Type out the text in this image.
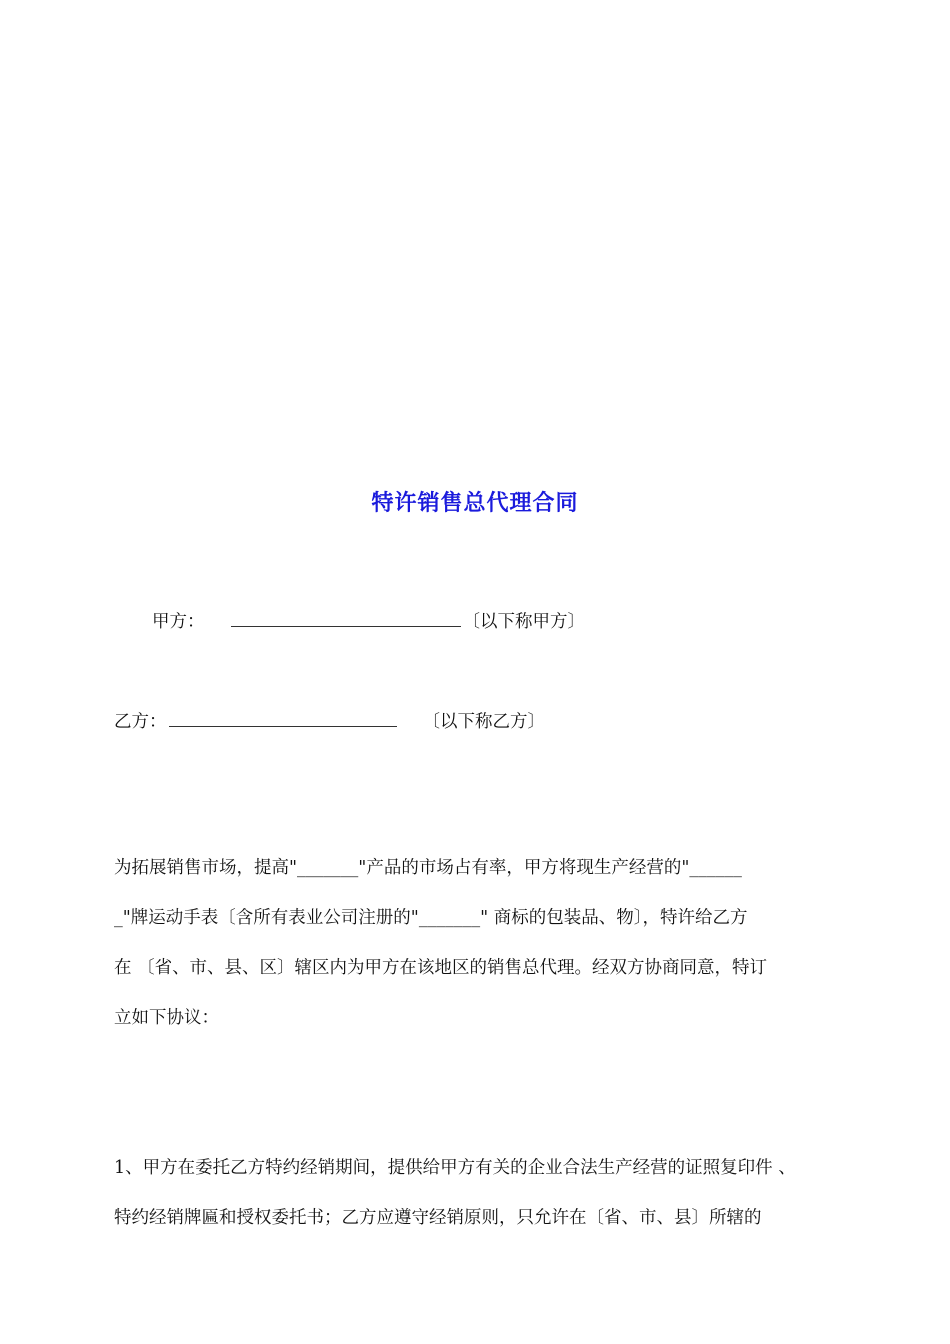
特许销售总代理合同
甲方：	〔以下称甲方〕
乙方：	〔以下称乙方〕
为拓展销售市场，提高"_______"产品的市场占有率，甲方将现生产经营的"______
_"牌运动手表〔含所有表业公司注册的"_______" 商标的包装品、物〕，特许给乙方
在 〔省、市、县、区〕辖区内为甲方在该地区的销售总代理。经双方协商同意，特订
立如下协议：
1、甲方在委托乙方特约经销期间，提供给甲方有关的企业合法生产经营的证照复印件 、
特约经销牌匾和授权委托书；乙方应遵守经销原则，只允许在〔省、市、县〕所辖的
